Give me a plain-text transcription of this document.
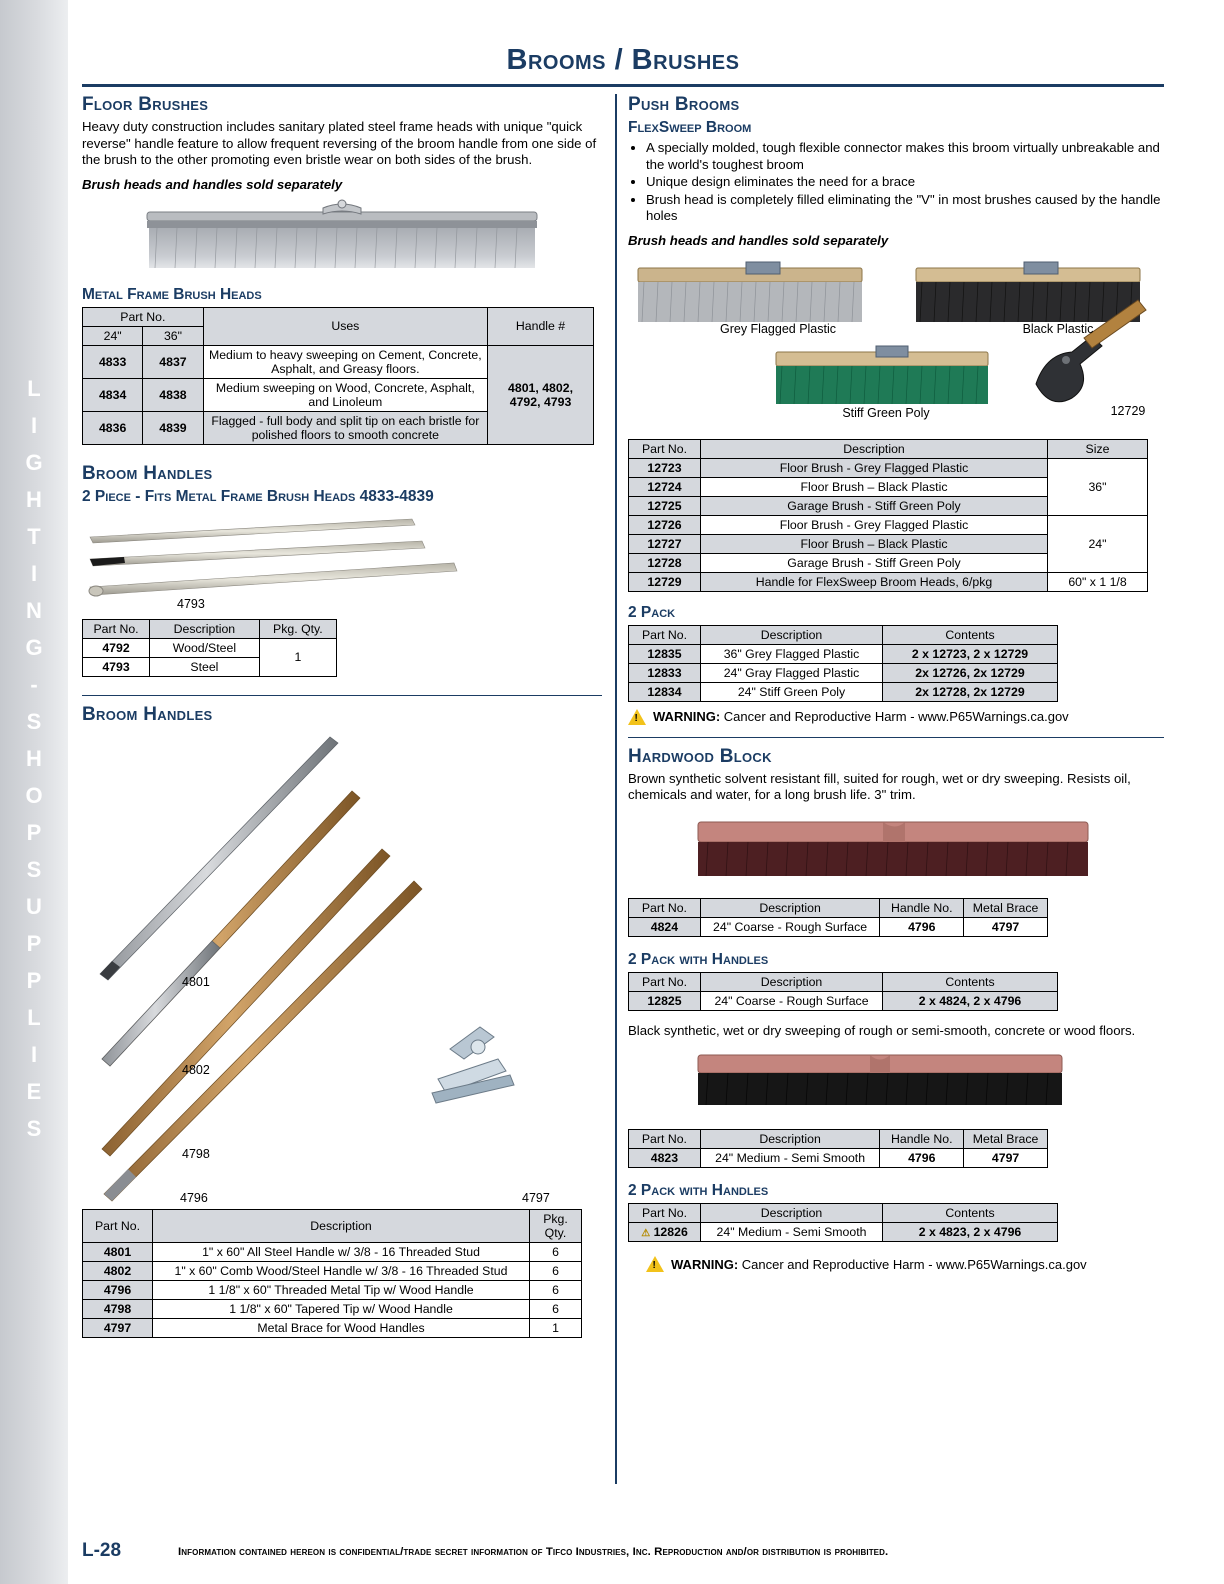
L
I
G
H
T
I
N
G
-
S
H
O
P
S
U
P
P
L
I
E
S
Brooms / Brushes
Floor Brushes

Heavy duty construction includes sanitary plated steel frame heads with unique "quick reverse" handle feature to allow frequent reversing of the broom handle from one side of the brush to the other promoting even bristle wear on both sides of the brush.

Brush heads and handles sold separately

Metal Frame Brush Heads
Part No.		Uses	Handle #
24"	36"		
4833	4837	Medium to heavy sweeping on Cement, Concrete, Asphalt, and Greasy floors.	4801, 4802, 4792, 4793
4834	4838	Medium sweeping on Wood, Concrete, Asphalt, and Linoleum	
4836	4839	Flagged - full body and split tip on each bristle for polished floors to smooth concrete	
Broom Handles
2 Piece - Fits Metal Frame Brush Heads 4833-4839
4793
Part No.	Description	Pkg. Qty.
4792	Wood/Steel	1
4793	Steel	
Broom Handles
4801
4802
4798
4796	4797
Part No.	Description	Pkg. Qty.
4801	1" x 60" All Steel Handle w/ 3/8 - 16 Threaded Stud	6
4802	1" x 60" Comb Wood/Steel Handle w/ 3/8 - 16 Threaded Stud	6
4796	1 1/8" x 60" Threaded Metal Tip w/ Wood Handle	6
4798	1 1/8" x 60" Tapered Tip w/ Wood Handle	6
4797	Metal Brace for Wood Handles	1
Push Brooms
FlexSweep Broom
• A specially molded, tough flexible connector makes this broom virtually unbreakable and the world's toughest broom
• Unique design eliminates the need for a brace
• Brush head is completely filled eliminating the "V" in most brushes caused by the handle holes

Brush heads and handles sold separately

Grey Flagged Plastic	Black Plastic
Stiff Green Poly	12729
Part No.	Description	Size
12723	Floor Brush - Grey Flagged Plastic	36"
12724	Floor Brush – Black Plastic	
12725	Garage Brush - Stiff Green Poly	
12726	Floor Brush - Grey Flagged Plastic	24"
12727	Floor Brush – Black Plastic	
12728	Garage Brush - Stiff Green Poly	
12729	Handle for FlexSweep Broom Heads, 6/pkg	60" x 1 1/8
2 Pack
Part No.	Description	Contents
12835	36" Grey Flagged Plastic	2 x 12723, 2 x 12729
12833	24" Gray Flagged Plastic	2x 12726, 2x 12729
12834	24" Stiff Green Poly	2x 12728, 2x 12729
!
WARNING: Cancer and Reproductive Harm - www.P65Warnings.ca.gov
Hardwood Block

Brown synthetic solvent resistant fill, suited for rough, wet or dry sweeping. Resists oil, chemicals and water, for a long brush life. 3" trim.

Part No.	Description	Handle No.	Metal Brace
4824	24" Coarse - Rough Surface	4796	4797
2 Pack with Handles
Part No.	Description	Contents
12825	24" Coarse - Rough Surface	2 x 4824, 2 x 4796

Black synthetic, wet or dry sweeping of rough or semi-smooth, concrete or wood floors.

Part No.	Description	Handle No.	Metal Brace
4823	24" Medium - Semi Smooth	4796	4797
2 Pack with Handles
Part No.	Description	Contents
⚠ 12826	24" Medium - Semi Smooth	2 x 4823, 2 x 4796
!
WARNING: Cancer and Reproductive Harm - www.P65Warnings.ca.gov
L-28	Information contained hereon is confidential/trade secret information of Tifco Industries, Inc. Reproduction and/or distribution is prohibited.
